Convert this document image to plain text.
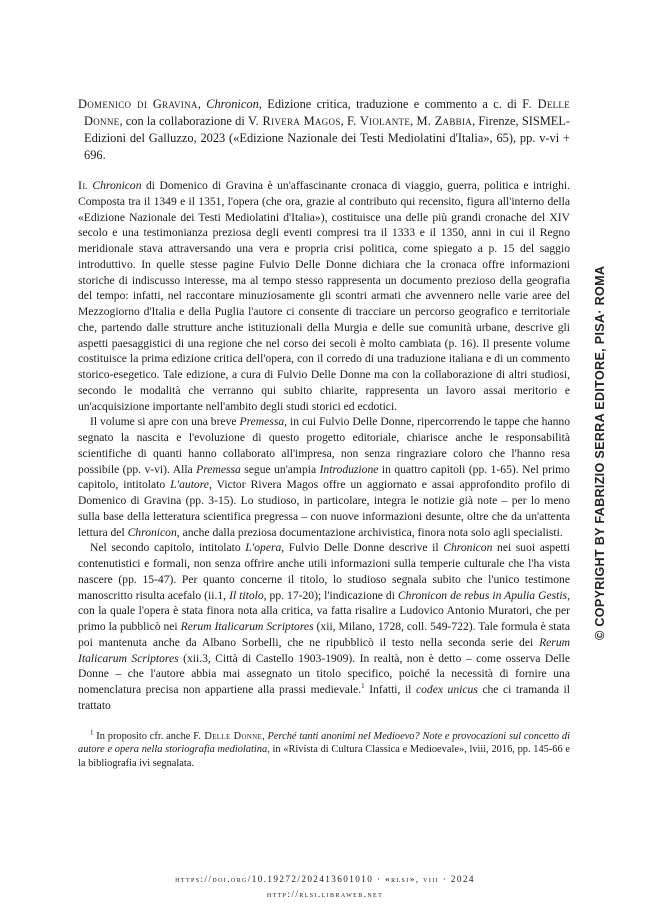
Domenico di Gravina, Chronicon, Edizione critica, traduzione e commento a c. di F. Delle Donne, con la collaborazione di V. Rivera Magos, F. Violante, M. Zabbia, Firenze, SISMEL-Edizioni del Galluzzo, 2023 («Edizione Nazionale dei Testi Mediolatini d'Italia», 65), pp. v-vi + 696.

Il Chronicon di Domenico di Gravina è un'affascinante cronaca di viaggio, guerra, politica e intrighi. Composta tra il 1349 e il 1351, l'opera (che ora, grazie al contributo qui recensito, figura all'interno della «Edizione Nazionale dei Testi Mediolatini d'Italia»), costituisce una delle più grandi cronache del XIV secolo e una testimonianza preziosa degli eventi compresi tra il 1333 e il 1350, anni in cui il Regno meridionale stava attraversando una vera e propria crisi politica, come spiegato a p. 15 del saggio introduttivo. In quelle stesse pagine Fulvio Delle Donne dichiara che la cronaca offre informazioni storiche di indiscusso interesse, ma al tempo stesso rappresenta un documento prezioso della geografia del tempo: infatti, nel raccontare minuziosamente gli scontri armati che avvennero nelle varie aree del Mezzogiorno d'Italia e della Puglia l'autore ci consente di tracciare un percorso geografico e territoriale che, partendo dalle strutture anche istituzionali della Murgia e delle sue comunità urbane, descrive gli aspetti paesaggistici di una regione che nel corso dei secoli è molto cambiata (p. 16). Il presente volume costituisce la prima edizione critica dell'opera, con il corredo di una traduzione italiana e di un commento storico-esegetico. Tale edizione, a cura di Fulvio Delle Donne ma con la collaborazione di altri studiosi, secondo le modalità che verranno qui subito chiarite, rappresenta un lavoro assai meritorio e un'acquisizione importante nell'ambito degli studi storici ed ecdotici.

Il volume si apre con una breve Premessa, in cui Fulvio Delle Donne, ripercorrendo le tappe che hanno segnato la nascita e l'evoluzione di questo progetto editoriale, chiarisce anche le responsabilità scientifiche di quanti hanno collaborato all'impresa, non senza ringraziare coloro che l'hanno resa possibile (pp. v-vi). Alla Premessa segue un'ampia Introduzione in quattro capitoli (pp. 1-65). Nel primo capitolo, intitolato L'autore, Victor Rivera Magos offre un aggiornato e assai approfondito profilo di Domenico di Gravina (pp. 3-15). Lo studioso, in particolare, integra le notizie già note – per lo meno sulla base della letteratura scientifica pregressa – con nuove informazioni desunte, oltre che da un'attenta lettura del Chronicon, anche dalla preziosa documentazione archivistica, finora nota solo agli specialisti.

Nel secondo capitolo, intitolato L'opera, Fulvio Delle Donne descrive il Chronicon nei suoi aspetti contenutistici e formali, non senza offrire anche utili informazioni sulla temperie culturale che l'ha vista nascere (pp. 15-47). Per quanto concerne il titolo, lo studioso segnala subito che l'unico testimone manoscritto risulta acefalo (ii.1, Il titolo, pp. 17-20); l'indicazione di Chronicon de rebus in Apulia Gestis, con la quale l'opera è stata finora nota alla critica, va fatta risalire a Ludovico Antonio Muratori, che per primo la pubblicò nei Rerum Italicarum Scriptores (xii, Milano, 1728, coll. 549-722). Tale formula è stata poi mantenuta anche da Albano Sorbelli, che ne ripubblicò il testo nella seconda serie dei Rerum Italicarum Scriptores (xii.3, Città di Castello 1903-1909). In realtà, non è detto – come osserva Delle Donne – che l'autore abbia mai assegnato un titolo specifico, poiché la necessità di fornire una nomenclatura precisa non appartiene alla prassi medievale.$^1$ Infatti, il codex unicus che ci tramanda il trattato

$^1$ In proposito cfr. anche F. Delle Donne, Perché tanti anonimi nel Medioevo? Note e provocazioni sul concetto di autore e opera nella storiografia mediolatina, in «Rivista di Cultura Classica e Medioevale», lviii, 2016, pp. 145-66 e la bibliografia ivi segnalata.

https://doi.org/10.19272/202413601010 · «rlsi», viii · 2024
http://rlsi.libraweb.net
© COPYRIGHT BY FABRIZIO SERRA EDITORE, PISA· ROMA
